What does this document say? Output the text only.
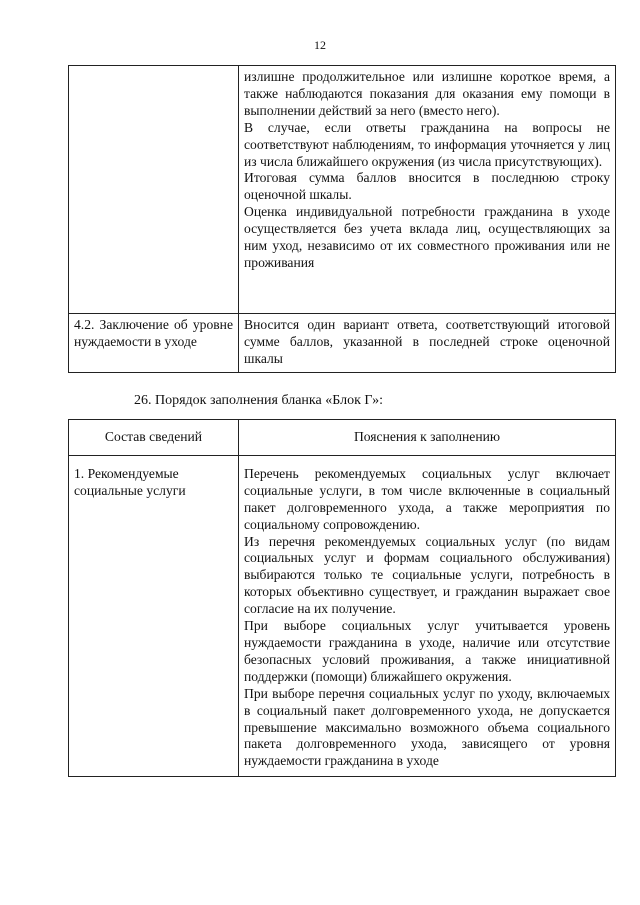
12

	излишне продолжительное или излишне короткое время, а также наблюдаются показания для оказания ему помощи в выполнении действий за него (вместо него).
В случае, если ответы гражданина на вопросы не соответствуют наблюдениям, то информация уточняется у лиц из числа ближайшего окружения (из числа присутствующих).
Итоговая сумма баллов вносится в последнюю строку оценочной шкалы.
Оценка индивидуальной потребности гражданина в уходе осуществляется без учета вклада лиц, осуществляющих за ним уход, независимо от их совместного проживания или не проживания

4.2. Заключение об уровне нуждаемости в уходе	Вносится один вариант ответа, соответствующий итоговой сумме баллов, указанной в последней строке оценочной шкалы

26. Порядок заполнения бланка «Блок Г»:

Состав сведений	Пояснения к заполнению

1. Рекомендуемые социальные услуги	Перечень рекомендуемых социальных услуг включает социальные услуги, в том числе включенные в социальный пакет долговременного ухода, а также мероприятия по социальному сопровождению.
Из перечня рекомендуемых социальных услуг (по видам социальных услуг и формам социального обслуживания) выбираются только те социальные услуги, потребность в которых объективно существует, и гражданин выражает свое согласие на их получение.
При выборе социальных услуг учитывается уровень нуждаемости гражданина в уходе, наличие или отсутствие безопасных условий проживания, а также инициативной поддержки (помощи) ближайшего окружения.
При выборе перечня социальных услуг по уходу, включаемых в социальный пакет долговременного ухода, не допускается превышение максимально возможного объема социального пакета долговременного ухода, зависящего от уровня нуждаемости гражданина в уходе
